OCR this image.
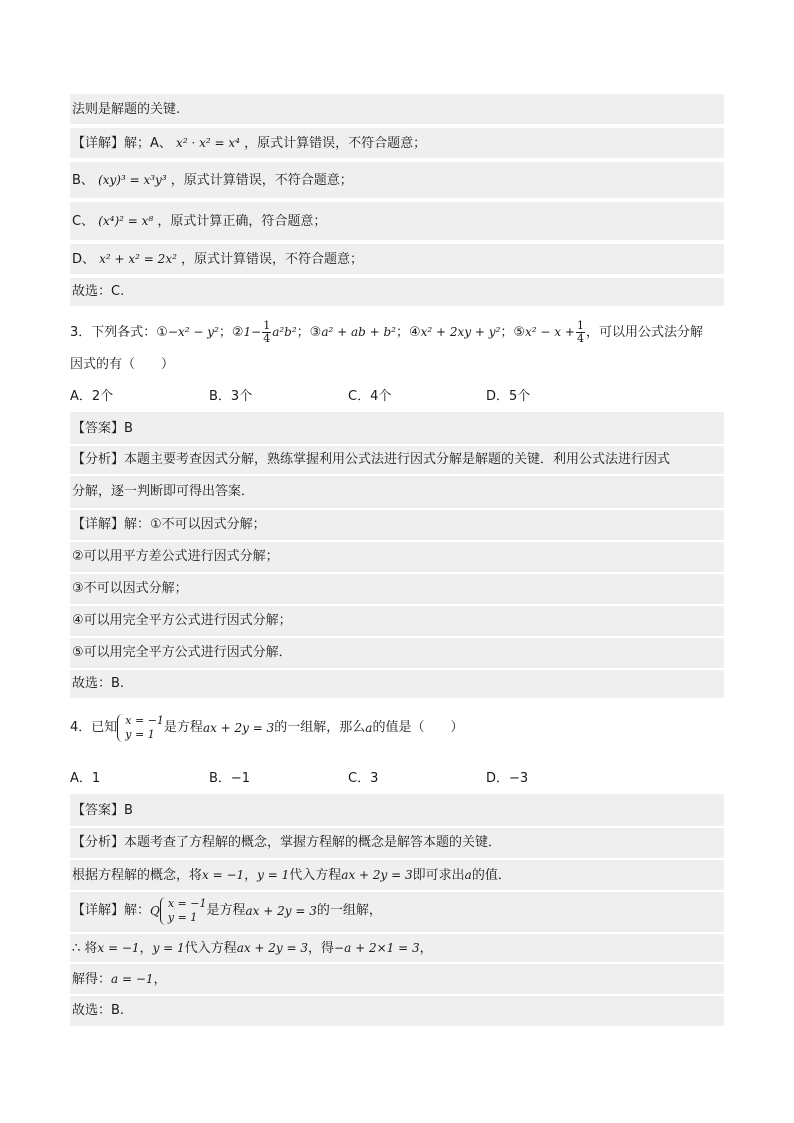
法则是解题的关键.
【详解】解；A、 x² · x² = x⁴ ，原式计算错误，不符合题意；
B、 (xy)³ = x³y³ ，原式计算错误，不符合题意；
C、 (x⁴)² = x⁸ ，原式计算正确，符合题意；
D、 x² + x² = 2x² ，原式计算错误，不符合题意；
故选：C.
3．下列各式：①−x² − y²；②1− $\frac{1}{4} a^2b^2$；③a² + ab + b²；④x² + 2xy + y²；⑤x² − $x + \frac{1}{4}$ ，可以用公式法分解
因式的有（　　）
A．2个	B．3个	C．4个	D．5个
【答案】B
【分析】本题主要考查因式分解，熟练掌握利用公式法进行因式分解是解题的关键．利用公式法进行因式
分解，逐一判断即可得出答案．
【详解】解：①不可以因式分解；
②可以用平方差公式进行因式分解；
③不可以因式分解；
④可以用完全平方公式进行因式分解；
⑤可以用完全平方公式进行因式分解．
故选：B.
4．已知 x = −1
y = 1 是方程ax + 2y = 3的一组解，那么a的值是（　　）
A．1	B．−1	C．3	D．−3
【答案】B
【分析】本题考查了方程解的概念，掌握方程解的概念是解答本题的关键．
根据方程解的概念，将x = −1，y = 1代入方程ax + 2y = 3即可求出a的值．
【详解】解：Q
x = −1
y = 1 是方程ax + 2y = 3的一组解，
∴ 将x = −1，y = 1代入方程ax + 2y = 3，得−a + 2×1 = 3，
解得：a = −1，
故选：B.
